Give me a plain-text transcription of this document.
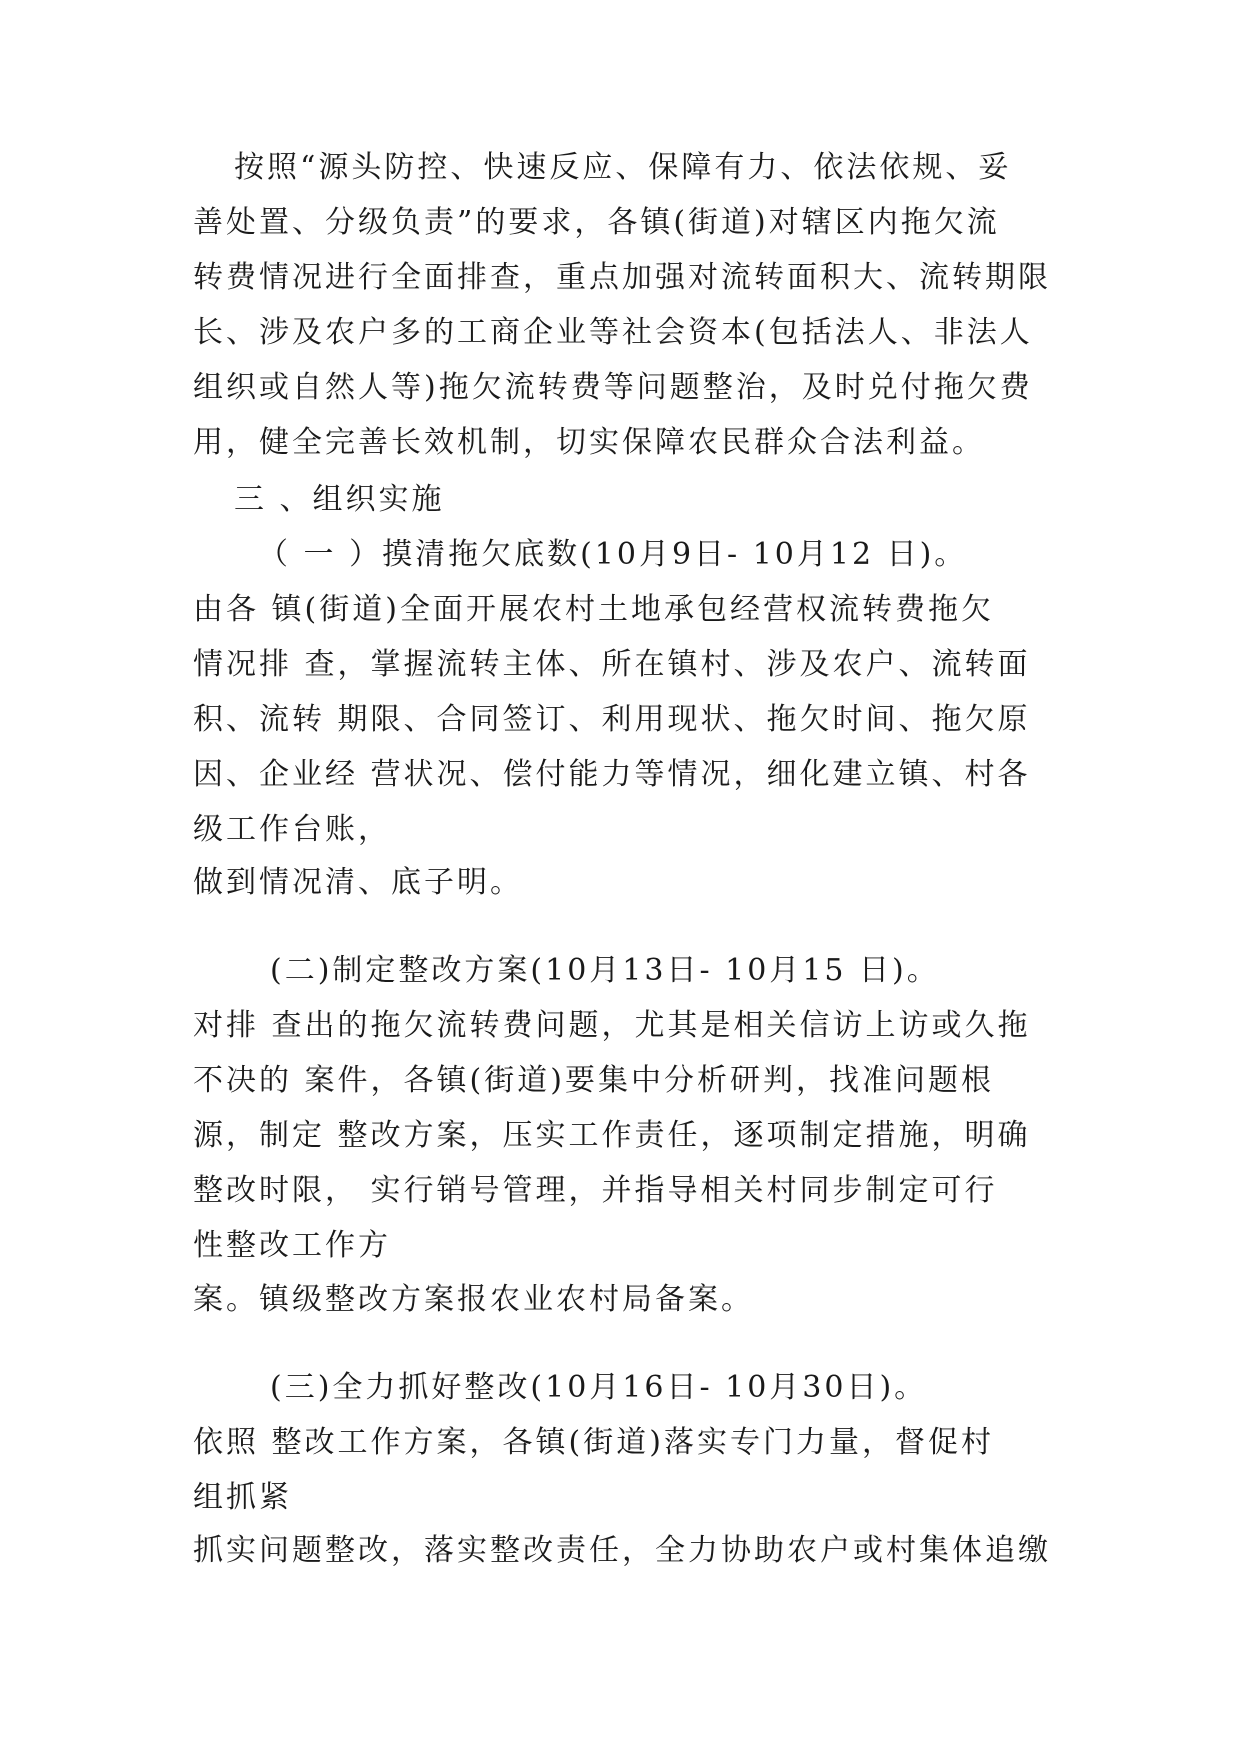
按照“源头防控、快速反应、保障有力、依法依规、妥
善处置、分级负责”的要求，各镇(街道)对辖区内拖欠流
转费情况进行全面排查，重点加强对流转面积大、流转期限
长、涉及农户多的工商企业等社会资本(包括法人、非法人
组织或自然人等)拖欠流转费等问题整治，及时兑付拖欠费
用，健全完善长效机制，切实保障农民群众合法利益。
三 、组织实施
（ 一 ）摸清拖欠底数(10月9日- 10月12 日)。
由各 镇(街道)全面开展农村土地承包经营权流转费拖欠
情况排 查，掌握流转主体、所在镇村、涉及农户、流转面
积、流转 期限、合同签订、利用现状、拖欠时间、拖欠原
因、企业经 营状况、偿付能力等情况，细化建立镇、村各
级工作台账，
做到情况清、底子明。
(二)制定整改方案(10月13日- 10月15 日)。
对排 查出的拖欠流转费问题，尤其是相关信访上访或久拖
不决的 案件，各镇(街道)要集中分析研判，找准问题根
源，制定 整改方案，压实工作责任，逐项制定措施，明确
整改时限， 实行销号管理，并指导相关村同步制定可行
性整改工作方
案。镇级整改方案报农业农村局备案。
(三)全力抓好整改(10月16日- 10月30日)。
依照 整改工作方案，各镇(街道)落实专门力量，督促村
组抓紧
抓实问题整改，落实整改责任，全力协助农户或村集体追缴
